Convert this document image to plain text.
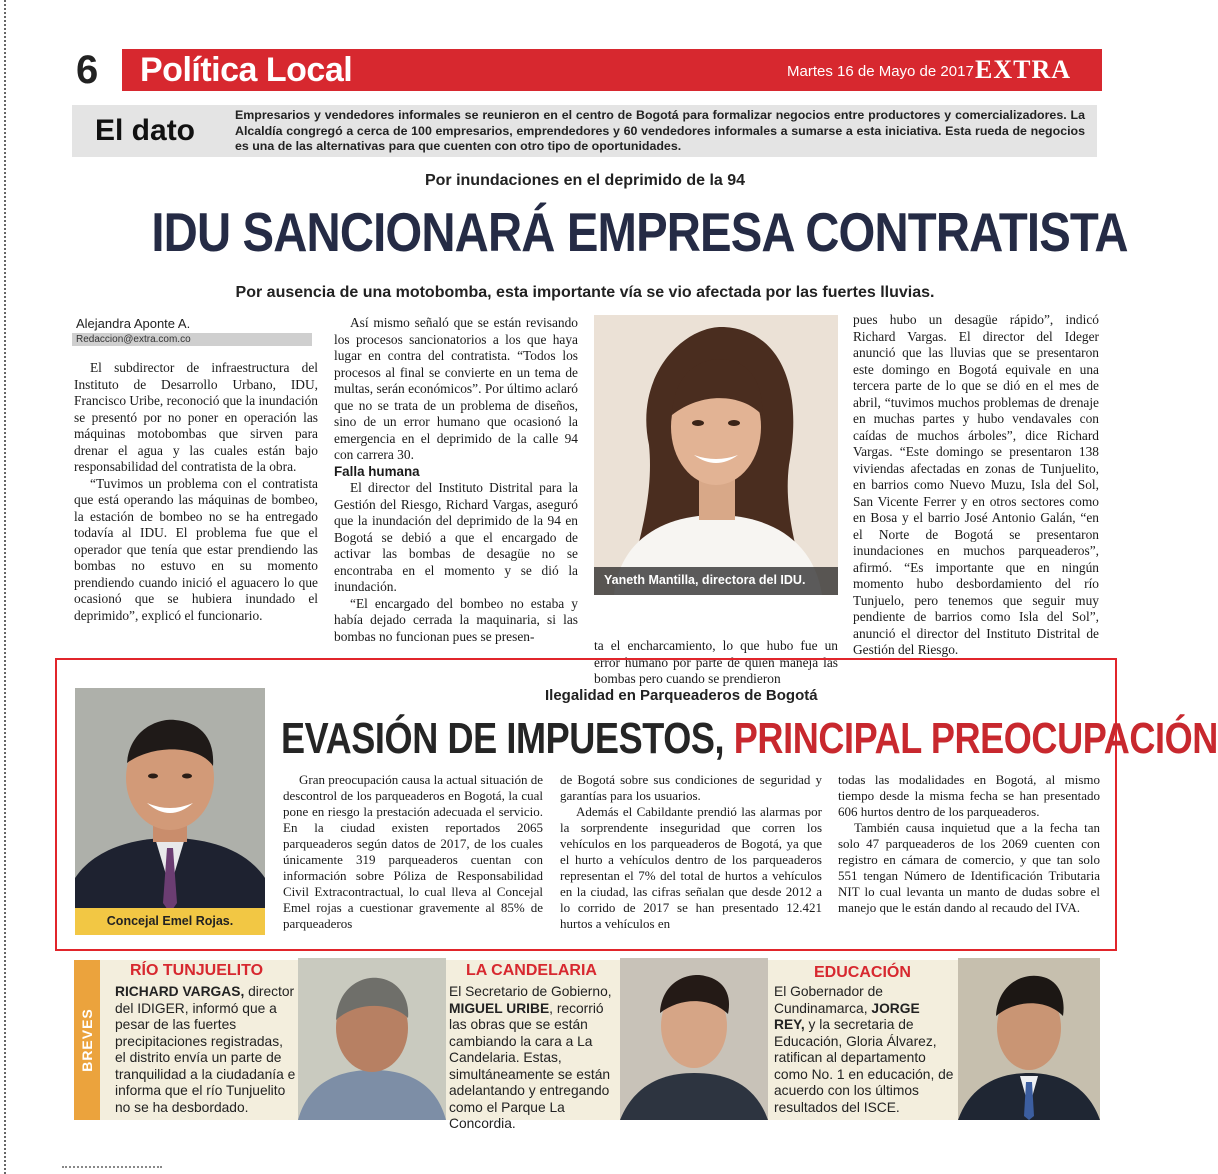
6 Política Local	Martes 16 de Mayo de 2017 EXTRA
El dato	Empresarios y vendedores informales se reunieron en el centro de Bogotá para formalizar negocios entre productores y comercializadores. La Alcaldía congregó a cerca de 100 empresarios, emprendedores y 60 vendedores informales a sumarse a esta iniciativa. Esta rueda de negocios es una de las alternativas para que cuenten con otro tipo de oportunidades.
Por inundaciones en el deprimido de la 94
IDU SANCIONARÁ EMPRESA CONTRATISTA
Por ausencia de una motobomba, esta importante vía se vio afectada por las fuertes lluvias.
Alejandra Aponte A.
Redaccion@extra.com.co

El subdirector de infraestructura del Instituto de Desarrollo Urbano, IDU, Francisco Uribe, reconoció que la inundación se presentó por no poner en operación las máquinas motobombas que sirven para drenar el agua y las cuales están bajo responsabilidad del contratista de la obra.

“Tuvimos un problema con el contratista que está operando las máquinas de bombeo, la estación de bombeo no se ha entregado todavía al IDU. El problema fue que el operador que tenía que estar prendiendo las bombas no estuvo en su momento prendiendo cuando inició el aguacero lo que ocasionó que se hubiera inundado el deprimido”, explicó el funcionario.

Así mismo señaló que se están revisando los procesos sancionatorios a los que haya lugar en contra del contratista. “Todos los procesos al final se convierte en un tema de multas, serán económicos”. Por último aclaró que no se trata de un problema de diseños, sino de un error humano que ocasionó la emergencia en el deprimido de la calle 94 con carrera 30.

Falla humana

El director del Instituto Distrital para la Gestión del Riesgo, Richard Vargas, aseguró que la inundación del deprimido de la 94 en Bogotá se debió a que el encargado de activar las bombas de desagüe no se encontraba en el momento y se dió la inundación.

“El encargado del bombeo no estaba y había dejado cerrada la maquinaria, si las bombas no funcionan pues se presen-

Yaneth Mantilla, directora del IDU.

ta el encharcamiento, lo que hubo fue un error humano por parte de quien maneja las bombas pero cuando se prendieron

pues hubo un desagüe rápido”, indicó Richard Vargas. El director del Ideger anunció que las lluvias que se presentaron este domingo en Bogotá equivale en una tercera parte de lo que se dió en el mes de abril, “tuvimos muchos problemas de drenaje en muchas partes y hubo vendavales con caídas de muchos árboles”, dice Richard Vargas. “Este domingo se presentaron 138 viviendas afectadas en zonas de Tunjuelito, en barrios como Nuevo Muzu, Isla del Sol, San Vicente Ferrer y en otros sectores como en Bosa y el barrio José Antonio Galán, “en el Norte de Bogotá se presentaron inundaciones en muchos parqueaderos”, afirmó. “Es importante que en ningún momento hubo desbordamiento del río Tunjuelo, pero tenemos que seguir muy pendiente de barrios como Isla del Sol”, anunció el director del Instituto Distrital de Gestión del Riesgo.

Concejal Emel Rojas.
Ilegalidad en Parqueaderos de Bogotá
EVASIÓN DE IMPUESTOS, PRINCIPAL PREOCUPACIÓN

Gran preocupación causa la actual situación de descontrol de los parqueaderos en Bogotá, la cual pone en riesgo la prestación adecuada el servicio. En la ciudad existen reportados 2065 parqueaderos según datos de 2017, de los cuales únicamente 319 parqueaderos cuentan con información sobre Póliza de Responsabilidad Civil Extracontractual, lo cual lleva al Concejal Emel rojas a cuestionar gravemente al 85% de parqueaderos

de Bogotá sobre sus condiciones de seguridad y garantías para los usuarios.

Además el Cabildante prendió las alarmas por la sorprendente inseguridad que corren los vehículos en los parqueaderos de Bogotá, ya que el hurto a vehículos dentro de los parqueaderos representan el 7% del total de hurtos a vehículos en la ciudad, las cifras señalan que desde 2012 a lo corrido de 2017 se han presentado 12.421 hurtos a vehículos en

todas las modalidades en Bogotá, al mismo tiempo desde la misma fecha se han presentado 606 hurtos dentro de los parqueaderos.

También causa inquietud que a la fecha tan solo 47 parqueaderos de los 2069 cuenten con registro en cámara de comercio, y que tan solo 551 tengan Número de Identificación Tributaria NIT lo cual levanta un manto de dudas sobre el manejo que le están dando al recaudo del IVA.

BREVES
RÍO TUNJUELITO
RICHARD VARGAS, director del IDIGER, informó que a pesar de las fuertes precipitaciones registradas, el distrito envía un parte de tranquilidad a la ciudadanía e informa que el río Tunjuelito no se ha desbordado.
LA CANDELARIA
El Secretario de Gobierno, MIGUEL URIBE, recorrió las obras que se están cambiando la cara a La Candelaria. Estas, simultáneamente se están adelantando y entregando como el Parque La Concordia.
EDUCACIÓN
El Gobernador de Cundinamarca, JORGE REY, y la secretaria de Educación, Gloria Álvarez, ratifican al departamento como No. 1 en educación, de acuerdo con los últimos resultados del ISCE.
